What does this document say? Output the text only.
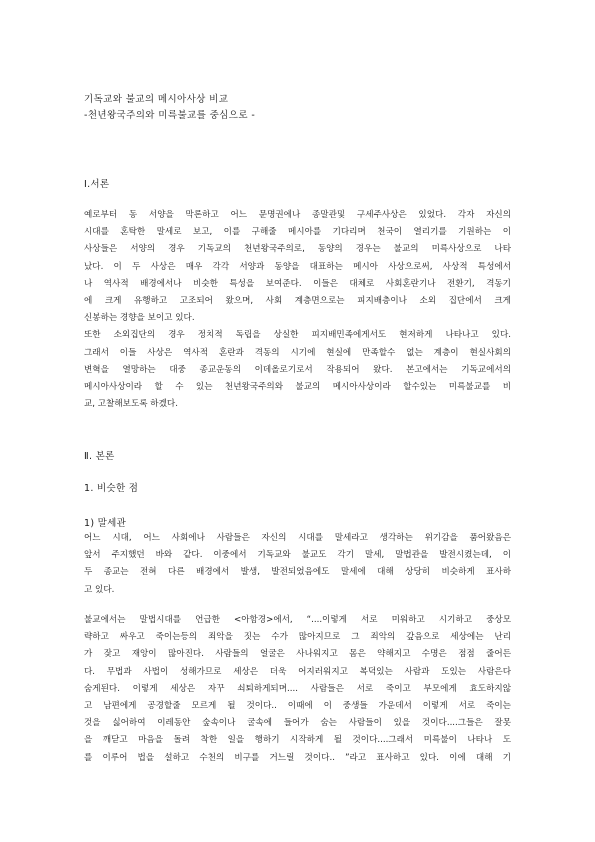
기독교와 불교의 메시아사상 비교
-천년왕국주의와 미륵불교를 중심으로 -
Ⅰ.서론
예로부터 동 서양을 막론하고 어느 문명권에나 종말관및 구세주사상은 있었다. 각자 자신의
시대를 혼탁한 말세로 보고, 이를 구해줄 메시아를 기다리며 천국이 열리기를 기원하는 이
사상들은 서양의 경우 기독교의 천년왕국주의로, 동양의 경우는 불교의 미륵사상으로 나타
났다. 이 두 사상은 매우 각각 서양과 동양을 대표하는 메시아 사상으로써, 사상적 특성에서
나 역사적 배경에서나 비슷한 특성을 보여준다. 이들은 대체로 사회혼란기나 전환기, 격동기
에 크게 유행하고 고조되어 왔으며, 사회 계층면으로는 피지배층이나 소외 집단에서 크게
신봉하는 경향을 보이고 있다.
또한 소외집단의 경우 정치적 독립을 상실한 피지배민족에게서도 현저하게 나타나고 있다.
그래서 이들 사상은 역사적 혼란과 격동의 시기에 현실에 만족할수 없는 계층이 현실사회의
변혁을 열망하는 대중 종교운동의 이데올로기로서 작용되어 왔다. 본고에서는 기독교에서의
메시아사상이라 할 수 있는 천년왕국주의와 불교의 메시아사상이라 할수있는 미륵불교를 비
교, 고찰해보도록 하겠다.
Ⅱ. 본론
1. 비슷한 점
1) 말세관
어느 시대, 어느 사회에나 사람들은 자신의 시대를 말세라고 생각하는 위기감을 품어왔음은
앞서 주지했던 바와 같다. 이중에서 기독교와 불교도 각기 말세, 말법관을 발전시켰는데, 이
두 종교는 전혀 다른 배경에서 발생, 발전되었음에도 말세에 대해 상당히 비슷하게 표사하
고 있다.
불교에서는 말법시대를 언급한 <아함경>에서, “....이렇게 서로 미워하고 시기하고 중상모
략하고 싸우고 죽이는등의 죄악을 짓는 수가 많아지므로 그 죄악의 갚음으로 세상에는 난리
가 잦고 재앙이 많아진다. 사람들의 얼굴은 사나워지고 몸은 약해지고 수명은 점점 줄어든
다. 무법과 사법이 성해가므로 세상은 더욱 어지러워지고 복덕있는 사람과 도있는 사람은다
숨게된다. 이렇게 세상은 자꾸 쇠퇴하게되며.... 사람들은 서로 죽이고 부모에게 효도하지않
고 남편에게 공경할줄 모르게 될 것이다.. 이때에 이 중생들 가운데서 이렇게 서로 죽이는
것을 싫어하여 이레동안 숲속이나 굴속에 들어가 숨는 사람들이 있을 것이다....그들은 잘못
을 깨닫고 마음을 돌려 착한 일을 행하기 시작하게 될 것이다....그래서 미륵불이 나타나 도
를 이루어 법을 설하고 수천의 비구를 거느릴 것이다.. ”라고 표사하고 있다. 이에 대해 기
